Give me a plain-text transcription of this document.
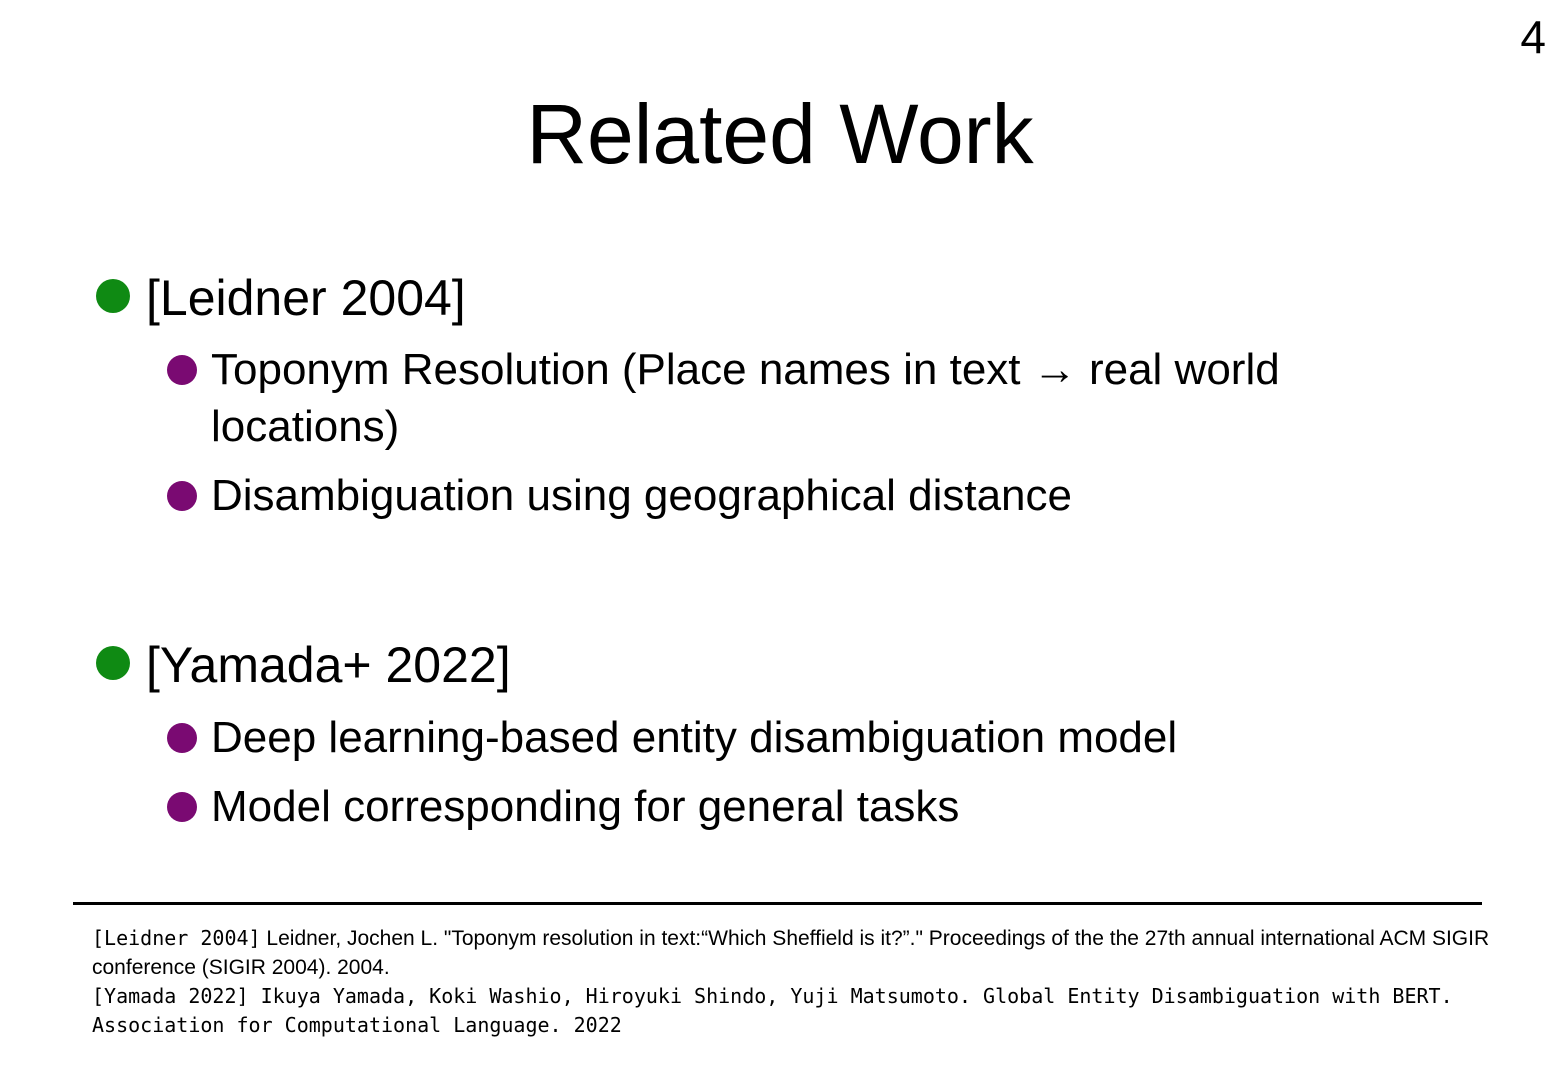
4
Related Work
[Leidner 2004]
Toponym Resolution (Place names in text → real world locations)
Disambiguation using geographical distance
[Yamada+ 2022]
Deep learning-based entity disambiguation model
Model corresponding for general tasks
[Leidner 2004] Leidner, Jochen L. "Toponym resolution in text:“Which Sheffield is it?”." Proceedings of the the 27th annual international ACM SIGIR conference (SIGIR 2004). 2004.
[Yamada 2022] Ikuya Yamada, Koki Washio, Hiroyuki Shindo, Yuji Matsumoto. Global Entity Disambiguation with BERT. Association for Computational Language. 2022
